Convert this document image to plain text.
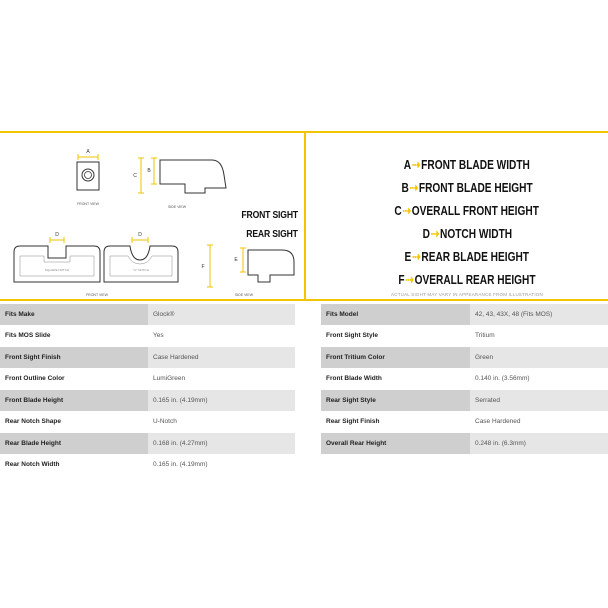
A
FRONT VIEW
C
B
SIDE VIEW
D
SQUARE NOTCH
FRONT VIEW
D
"U" NOTCH	F
E
SIDE VIEW
FRONT SIGHT
REAR SIGHT
A ⇢ FRONT BLADE WIDTH
B ⇢ FRONT BLADE HEIGHT
C ⇢ OVERALL FRONT HEIGHT
D ⇢ NOTCH WIDTH
E ⇢ REAR BLADE HEIGHT
F ⇢ OVERALL REAR HEIGHT
ACTUAL SIGHT MAY VARY IN APPEARANCE FROM ILLUSTRATION
Fits Make	Glock®
Fits MOS Slide	Yes
Front Sight Finish	Case Hardened
Front Outline Color	LumiGreen
Front Blade Height	0.165 in. (4.19mm)
Rear Notch Shape	U-Notch
Rear Blade Height	0.168 in. (4.27mm)
Rear Notch Width	0.165 in. (4.19mm)
Fits Model	42, 43, 43X, 48 (Fits MOS)
Front Sight Style	Tritium
Front Tritium Color	Green
Front Blade Width	0.140 in. (3.56mm)
Rear Sight Style	Serrated
Rear Sight Finish	Case Hardened
Overall Rear Height	0.248 in. (6.3mm)
